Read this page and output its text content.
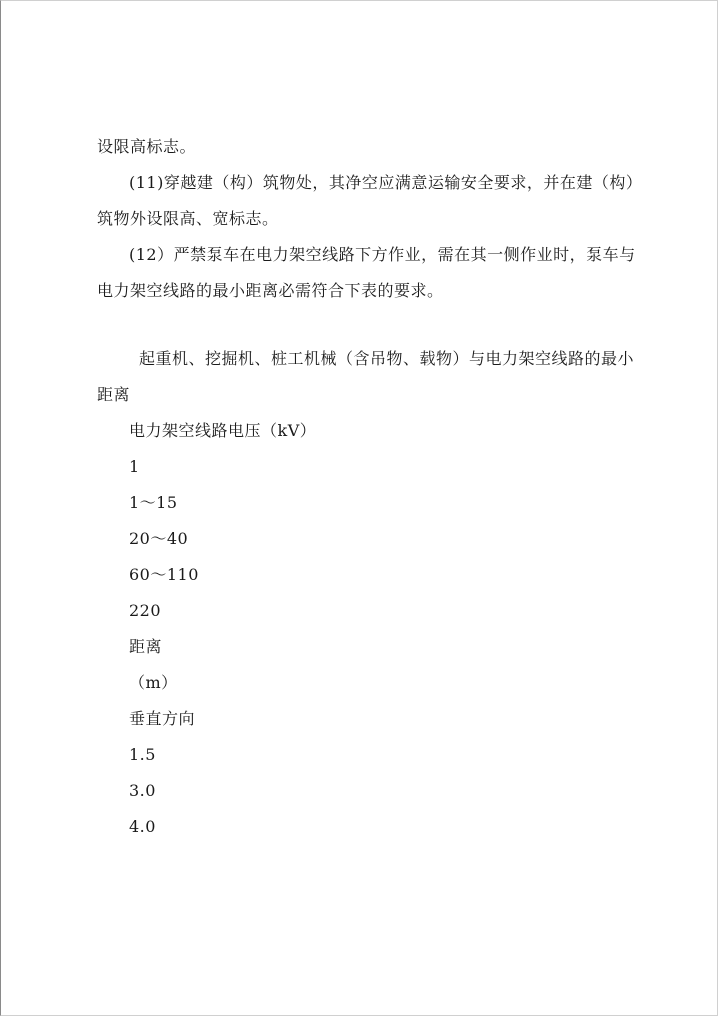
设限高标志。

(11)穿越建（构）筑物处，其净空应满意运输安全要求，并在建（构）筑物外设限高、宽标志。

(12）严禁泵车在电力架空线路下方作业，需在其一侧作业时，泵车与电力架空线路的最小距离必需符合下表的要求。

起重机、挖掘机、桩工机械（含吊物、载物）与电力架空线路的最小距离

电力架空线路电压（kV）

1

1～15

20～40

60～110

220

距离

（m）

垂直方向

1.5

3.0

4.0
